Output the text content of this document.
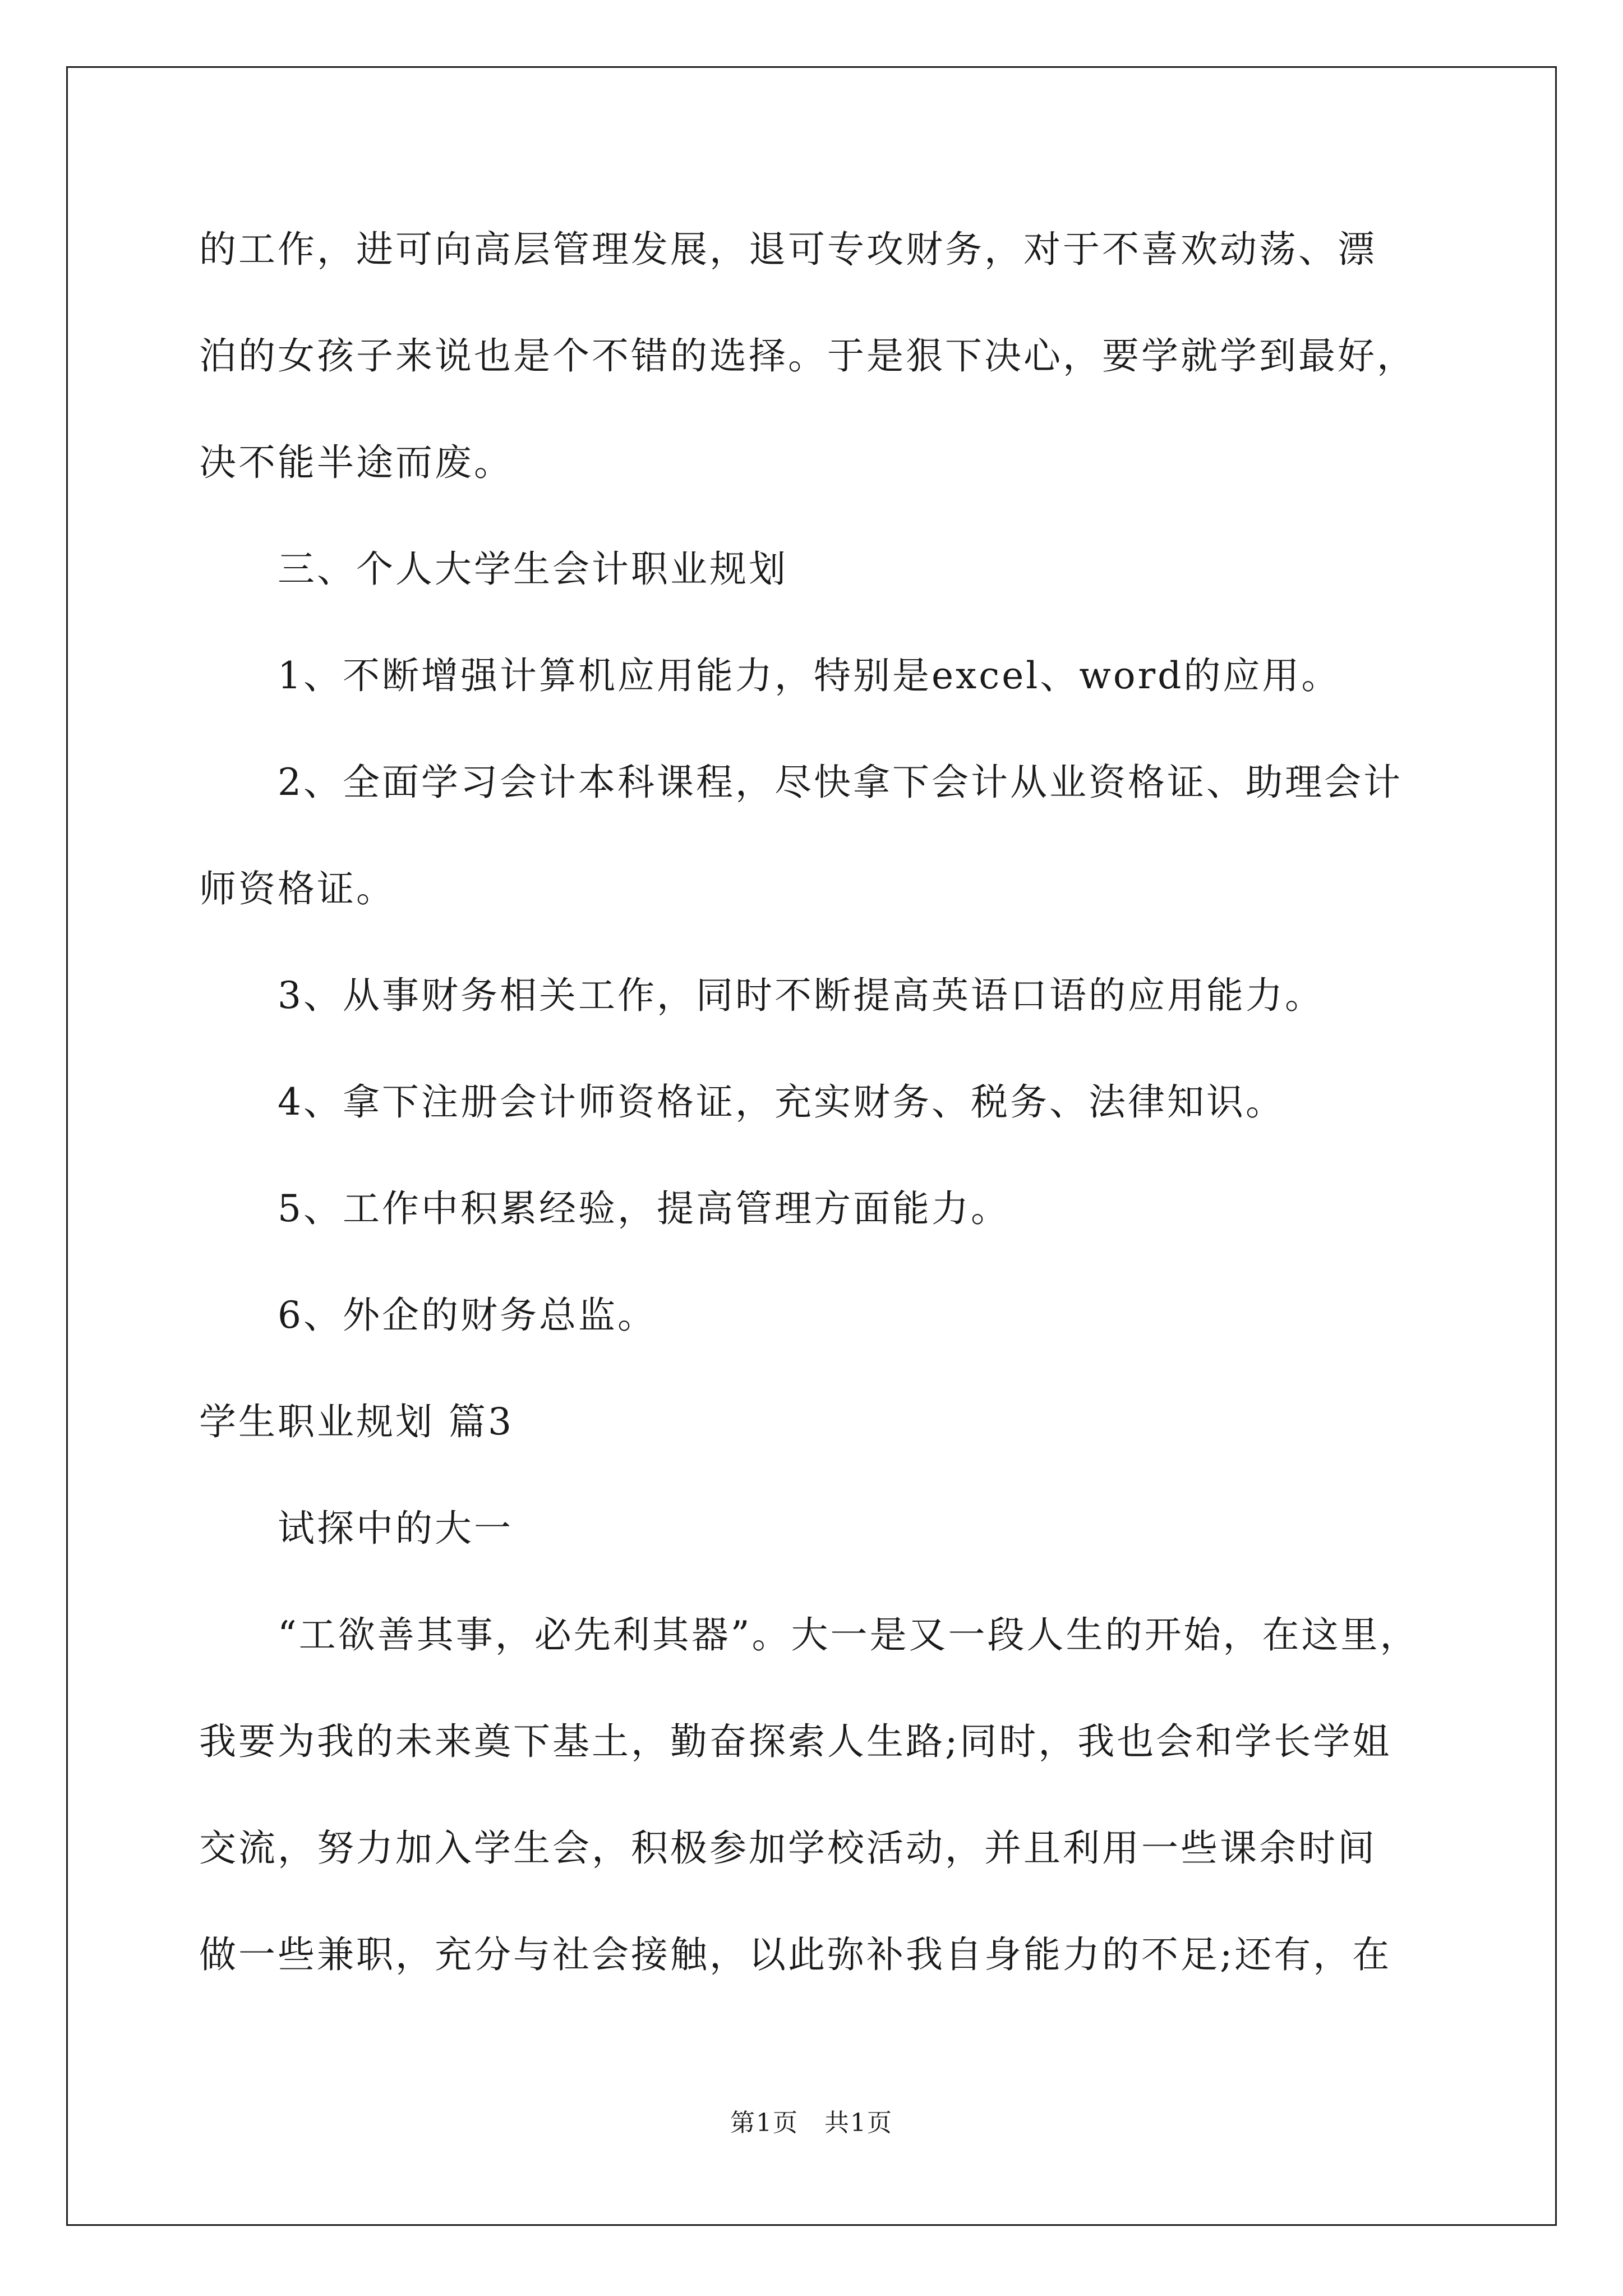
的工作，进可向高层管理发展，退可专攻财务，对于不喜欢动荡、漂
泊的女孩子来说也是个不错的选择。于是狠下决心，要学就学到最好，
决不能半途而废。
三、个人大学生会计职业规划
1、不断增强计算机应用能力，特别是excel、word的应用。
2、全面学习会计本科课程，尽快拿下会计从业资格证、助理会计
师资格证。
3、从事财务相关工作，同时不断提高英语口语的应用能力。
4、拿下注册会计师资格证，充实财务、税务、法律知识。
5、工作中积累经验，提高管理方面能力。
6、外企的财务总监。
学生职业规划 篇3
试探中的大一
“工欲善其事，必先利其器”。大一是又一段人生的开始，在这里，
我要为我的未来奠下基土，勤奋探索人生路;同时，我也会和学长学姐
交流，努力加入学生会，积极参加学校活动，并且利用一些课余时间
做一些兼职，充分与社会接触，以此弥补我自身能力的不足;还有，在
第1页　共1页
